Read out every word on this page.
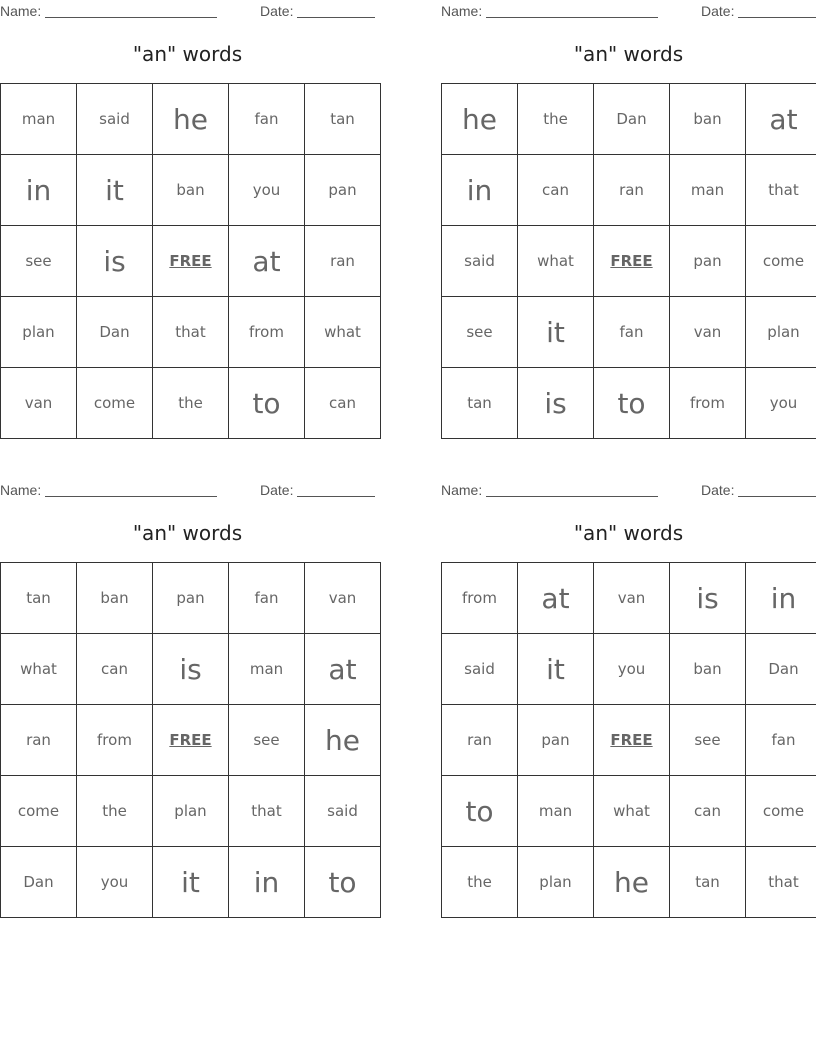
Name:	Date:
"an" words
man	said	he	fan	tan
in	it	ban	you	pan
see	is	FREE	at	ran
plan	Dan	that	from	what
van	come	the	to	can
Name:	Date:
"an" words
he	the	Dan	ban	at
in	can	ran	man	that
said	what	FREE	pan	come
see	it	fan	van	plan
tan	is	to	from	you
Name:	Date:
"an" words
tan	ban	pan	fan	van
what	can	is	man	at
ran	from	FREE	see	he
come	the	plan	that	said
Dan	you	it	in	to
Name:	Date:
"an" words
from	at	van	is	in
said	it	you	ban	Dan
ran	pan	FREE	see	fan
to	man	what	can	come
the	plan	he	tan	that
